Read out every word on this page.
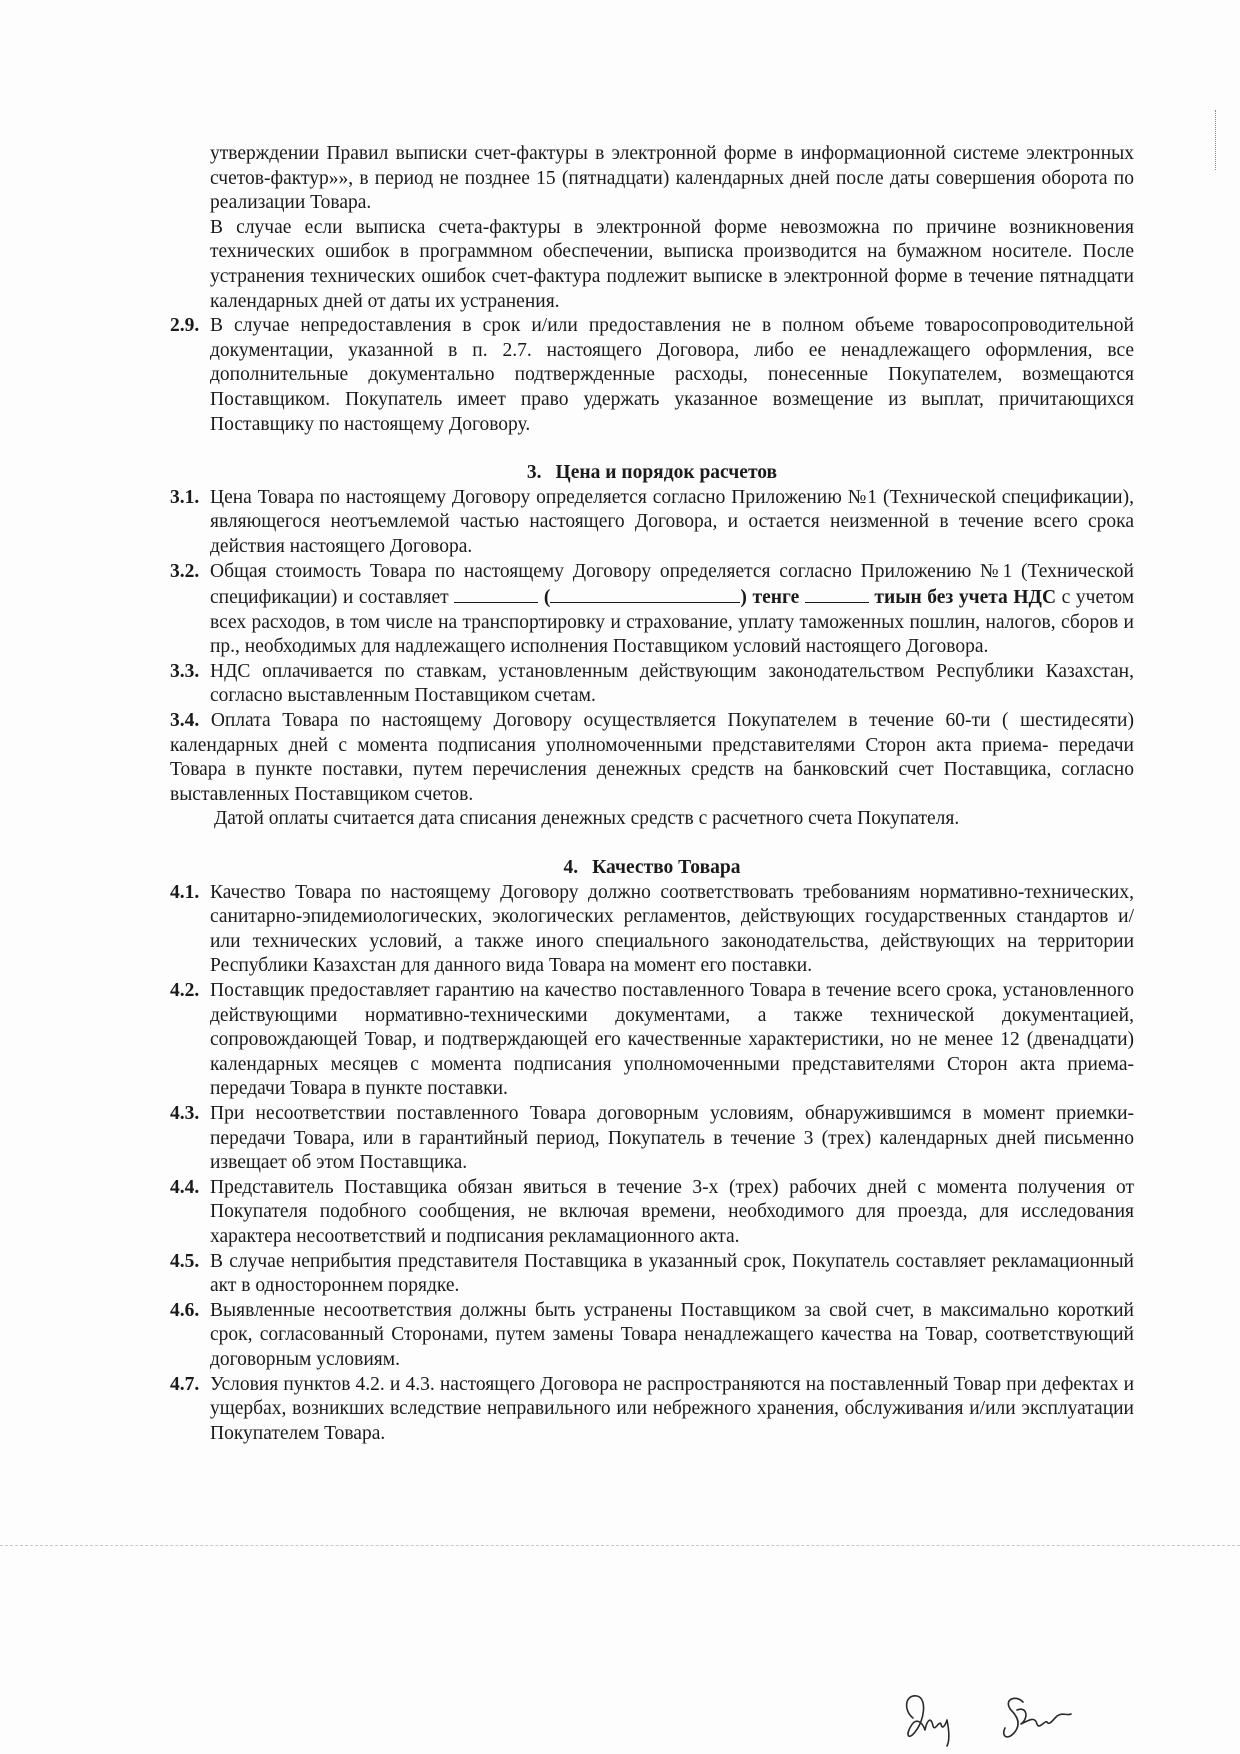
утверждении Правил выписки счет-фактуры в электронной форме в информационной системе электронных счетов-фактур»», в период не позднее 15 (пятнадцати) календарных дней после даты совершения оборота по реализации Товара.

В случае если выписка счета-фактуры в электронной форме невозможна по причине возникновения технических ошибок в программном обеспечении, выписка производится на бумажном носителе. После устранения технических ошибок счет-фактура подлежит выписке в электронной форме в течение пятнадцати календарных дней от даты их устранения.

2.9. В случае непредоставления в срок и/или предоставления не в полном объеме товаросопроводительной документации, указанной в п. 2.7. настоящего Договора, либо ее ненадлежащего оформления, все дополнительные документально подтвержденные расходы, понесенные Покупателем, возмещаются Поставщиком. Покупатель имеет право удержать указанное возмещение из выплат, причитающихся Поставщику по настоящему Договору.

3. Цена и порядок расчетов

3.1. Цена Товара по настоящему Договору определяется согласно Приложению №1 (Технической спецификации), являющегося неотъемлемой частью настоящего Договора, и остается неизменной в течение всего срока действия настоящего Договора.
3.2. Общая стоимость Товара по настоящему Договору определяется согласно Приложению №1 (Технической спецификации) и составляет	(	) тенге	тиын без учета НДС с учетом всех расходов, в том числе на транспортировку и страхование, уплату таможенных пошлин, налогов, сборов и пр., необходимых для надлежащего исполнения Поставщиком условий настоящего Договора.
3.3. НДС оплачивается по ставкам, установленным действующим законодательством Республики Казахстан, согласно выставленным Поставщиком счетам.

3.4. Оплата Товара по настоящему Договору осуществляется Покупателем в течение 60-ти ( шестидесяти) календарных дней с момента подписания уполномоченными представителями Сторон акта приема- передачи Товара в пункте поставки, путем перечисления денежных средств на банковский счет Поставщика, согласно выставленных Поставщиком счетов.

Датой оплаты считается дата списания денежных средств с расчетного счета Покупателя.

4. Качество Товара

4.1. Качество Товара по настоящему Договору должно соответствовать требованиям нормативно-технических, санитарно-эпидемиологических, экологических регламентов, действующих государственных стандартов и/или технических условий, а также иного специального законодательства, действующих на территории Республики Казахстан для данного вида Товара на момент его поставки.
4.2. Поставщик предоставляет гарантию на качество поставленного Товара в течение всего срока, установленного действующими нормативно-техническими документами, а также технической документацией, сопровождающей Товар, и подтверждающей его качественные характеристики, но не менее 12 (двенадцати) календарных месяцев с момента подписания уполномоченными представителями Сторон акта приема-передачи Товара в пункте поставки.
4.3. При несоответствии поставленного Товара договорным условиям, обнаружившимся в момент приемки-передачи Товара, или в гарантийный период, Покупатель в течение 3 (трех) календарных дней письменно извещает об этом Поставщика.
4.4. Представитель Поставщика обязан явиться в течение 3-х (трех) рабочих дней с момента получения от Покупателя подобного сообщения, не включая времени, необходимого для проезда, для исследования характера несоответствий и подписания рекламационного акта.
4.5. В случае неприбытия представителя Поставщика в указанный срок, Покупатель составляет рекламационный акт в одностороннем порядке.
4.6. Выявленные несоответствия должны быть устранены Поставщиком за свой счет, в максимально короткий срок, согласованный Сторонами, путем замены Товара ненадлежащего качества на Товар, соответствующий договорным условиям.
4.7. Условия пунктов 4.2. и 4.3. настоящего Договора не распространяются на поставленный Товар при дефектах и ущербах, возникших вследствие неправильного или небрежного хранения, обслуживания и/или эксплуатации Покупателем Товара.
